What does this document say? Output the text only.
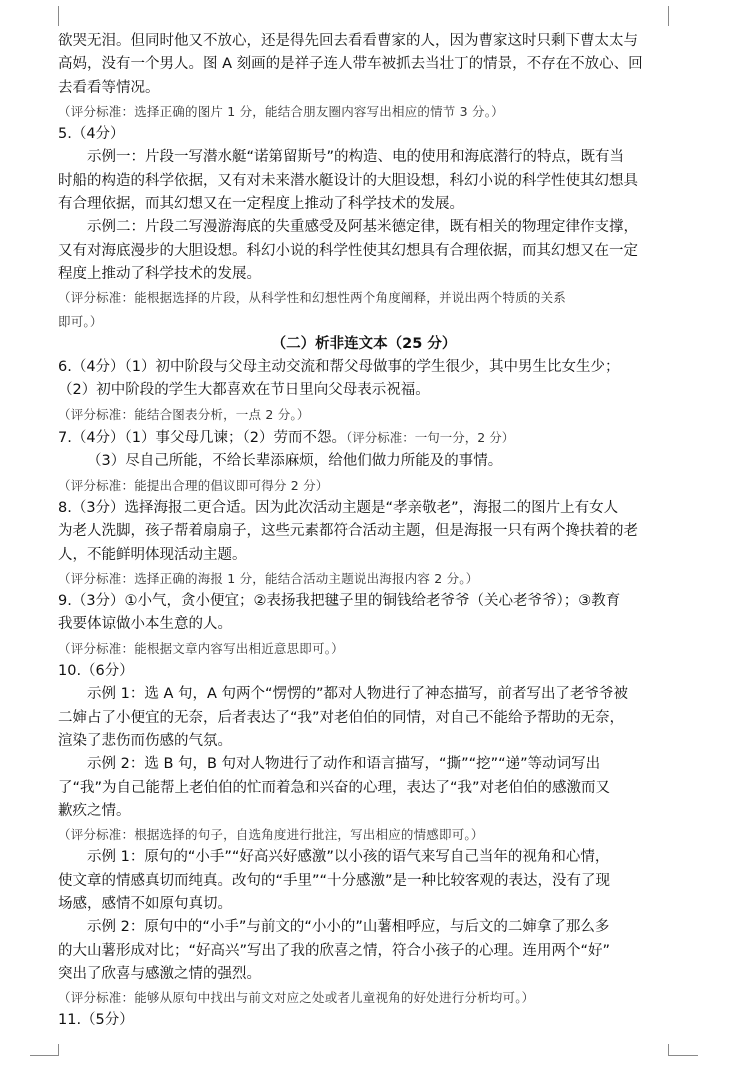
欲哭无泪。但同时他又不放心，还是得先回去看看曹家的人，因为曹家这时只剩下曹太太与

高妈，没有一个男人。图 A 刻画的是祥子连人带车被抓去当壮丁的情景，不存在不放心、回

去看看等情况。

（评分标准：选择正确的图片 1 分，能结合朋友圈内容写出相应的情节 3 分。）

5.（4分）

示例一：片段一写潜水艇“诺第留斯号”的构造、电的使用和海底潜行的特点，既有当

时船的构造的科学依据，又有对未来潜水艇设计的大胆设想，科幻小说的科学性使其幻想具

有合理依据，而其幻想又在一定程度上推动了科学技术的发展。

示例二：片段二写漫游海底的失重感受及阿基米德定律，既有相关的物理定律作支撑，

又有对海底漫步的大胆设想。科幻小说的科学性使其幻想具有合理依据，而其幻想又在一定

程度上推动了科学技术的发展。

（评分标准：能根据选择的片段，从科学性和幻想性两个角度阐释，并说出两个特质的关系

即可。）

（二）析非连文本（25 分）

6.（4分）（1）初中阶段与父母主动交流和帮父母做事的学生很少，其中男生比女生少；

（2）初中阶段的学生大都喜欢在节日里向父母表示祝福。

（评分标准：能结合图表分析，一点 2 分。）

7.（4分）（1）事父母几谏；（2）劳而不怨。（评分标准：一句一分，2 分）

（3）尽自己所能，不给长辈添麻烦，给他们做力所能及的事情。

（评分标准：能提出合理的倡议即可得分 2 分）

8.（3分）选择海报二更合适。因为此次活动主题是“孝亲敬老”，海报二的图片上有女人

为老人洗脚，孩子帮着扇扇子，这些元素都符合活动主题，但是海报一只有两个搀扶着的老

人，不能鲜明体现活动主题。

（评分标准：选择正确的海报 1 分，能结合活动主题说出海报内容 2 分。）

9.（3分）①小气，贪小便宜；②表扬我把毽子里的铜钱给老爷爷（关心老爷爷）；③教育

我要体谅做小本生意的人。

（评分标准：能根据文章内容写出相近意思即可。）

10.（6分）

示例 1：选 A 句，A 句两个“愣愣的”都对人物进行了神态描写，前者写出了老爷爷被

二婶占了小便宜的无奈，后者表达了“我”对老伯伯的同情，对自己不能给予帮助的无奈，

渲染了悲伤而伤感的气氛。

示例 2：选 B 句，B 句对人物进行了动作和语言描写，“撕”“挖”“递”等动词写出

了“我”为自己能帮上老伯伯的忙而着急和兴奋的心理，表达了“我”对老伯伯的感激而又

歉疚之情。

（评分标准：根据选择的句子，自选角度进行批注，写出相应的情感即可。）

示例 1：原句的“小手”“好高兴好感激”以小孩的语气来写自己当年的视角和心情，

使文章的情感真切而纯真。改句的“手里”“十分感激”是一种比较客观的表达，没有了现

场感，感情不如原句真切。

示例 2：原句中的“小手”与前文的“小小的”山薯相呼应，与后文的二婶拿了那么多

的大山薯形成对比；“好高兴”写出了我的欣喜之情，符合小孩子的心理。连用两个“好”

突出了欣喜与感激之情的强烈。

（评分标准：能够从原句中找出与前文对应之处或者儿童视角的好处进行分析均可。）

11.（5分）
